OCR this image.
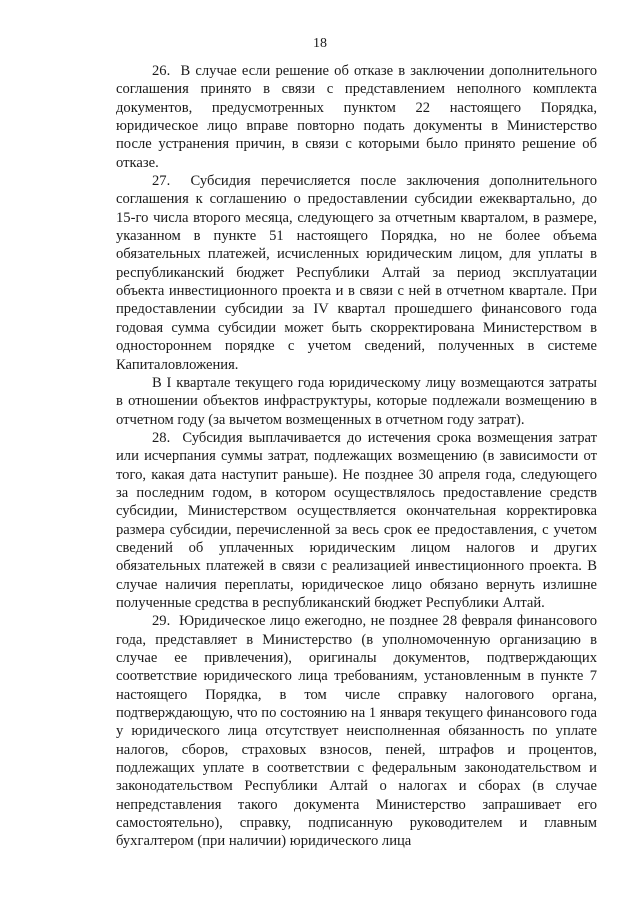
18

26.  В случае если решение об отказе в заключении дополнительного соглашения принято в связи с представлением неполного комплекта документов, предусмотренных пунктом 22 настоящего Порядка, юридическое лицо вправе повторно подать документы в Министерство после устранения причин, в связи с которыми было принято решение об отказе.

27.  Субсидия перечисляется после заключения дополнительного соглашения к соглашению о предоставлении субсидии ежеквартально, до 15-го числа второго месяца, следующего за отчетным кварталом, в размере, указанном в пункте 51 настоящего Порядка, но не более объема обязательных платежей, исчисленных юридическим лицом, для уплаты в республиканский бюджет Республики Алтай за период эксплуатации объекта инвестиционного проекта и в связи с ней в отчетном квартале. При предоставлении субсидии за IV квартал прошедшего финансового года годовая сумма субсидии может быть скорректирована Министерством в одностороннем порядке с учетом сведений, полученных в системе Капиталовложения.

В I квартале текущего года юридическому лицу возмещаются затраты в отношении объектов инфраструктуры, которые подлежали возмещению в отчетном году (за вычетом возмещенных в отчетном году затрат).

28.  Субсидия выплачивается до истечения срока возмещения затрат или исчерпания суммы затрат, подлежащих возмещению (в зависимости от того, какая дата наступит раньше). Не позднее 30 апреля года, следующего за последним годом, в котором осуществлялось предоставление средств субсидии, Министерством осуществляется окончательная корректировка размера субсидии, перечисленной за весь срок ее предоставления, с учетом сведений об уплаченных юридическим лицом налогов и других обязательных платежей в связи с реализацией инвестиционного проекта. В случае наличия переплаты, юридическое лицо обязано вернуть излишне полученные средства в республиканский бюджет Республики Алтай.

29.  Юридическое лицо ежегодно, не позднее 28 февраля финансового года, представляет в Министерство (в уполномоченную организацию в случае ее привлечения), оригиналы документов, подтверждающих соответствие юридического лица требованиям, установленным в пункте 7 настоящего Порядка, в том числе справку налогового органа, подтверждающую, что по состоянию на 1 января текущего финансового года у юридического лица отсутствует неисполненная обязанность по уплате налогов, сборов, страховых взносов, пеней, штрафов и процентов, подлежащих уплате в соответствии с федеральным законодательством и законодательством Республики Алтай о налогах и сборах (в случае непредставления такого документа Министерство запрашивает его самостоятельно), справку, подписанную руководителем и главным бухгалтером (при наличии) юридического лица
